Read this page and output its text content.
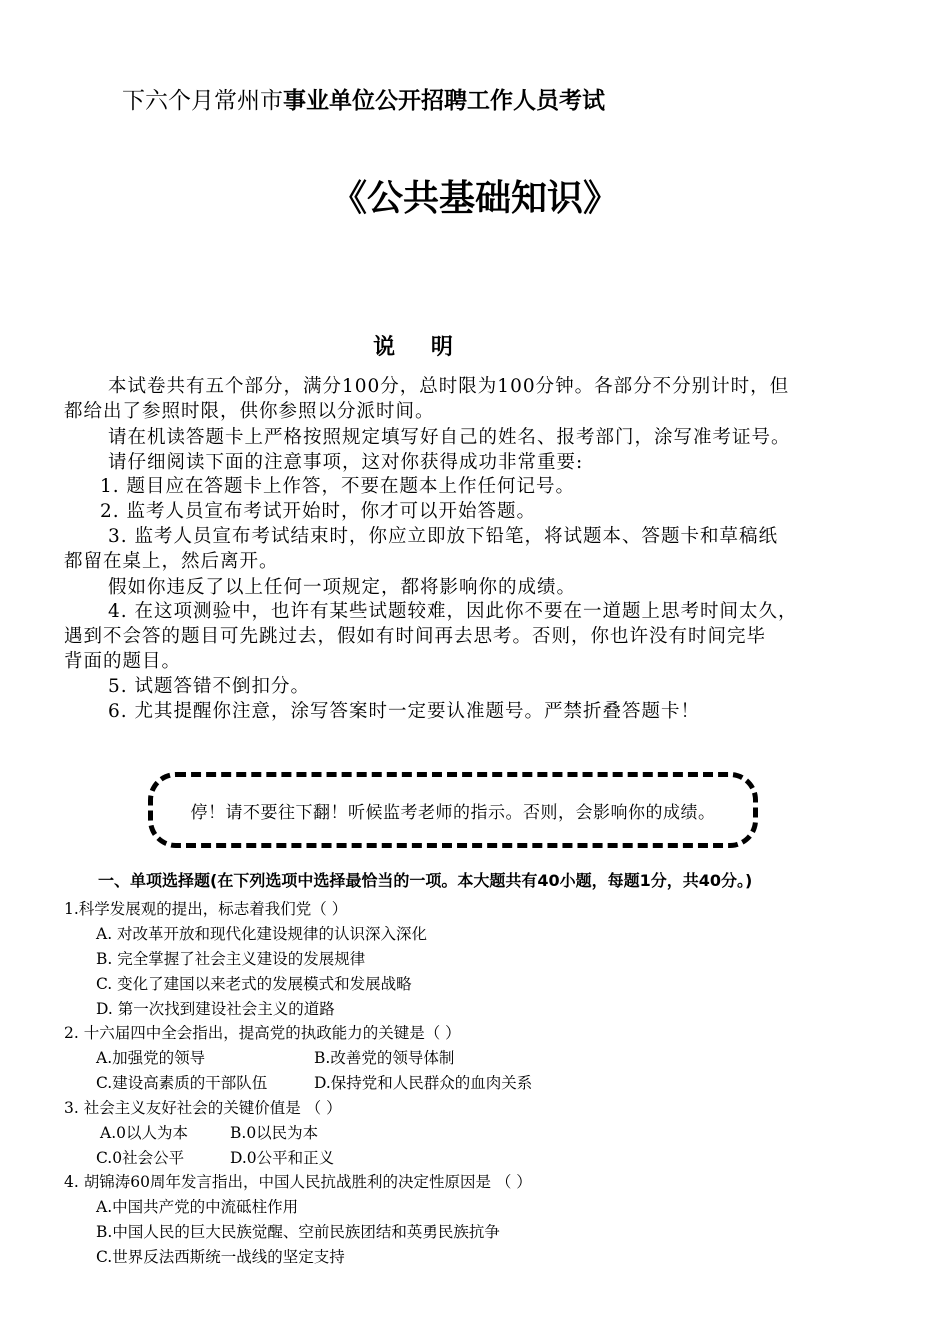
下六个月常州市事业单位公开招聘工作人员考试
《公共基础知识》
说 明
本试卷共有五个部分，满分100分，总时限为100分钟。各部分不分别计时，但
都给出了参照时限，供你参照以分派时间。
请在机读答题卡上严格按照规定填写好自己的姓名、报考部门，涂写准考证号。
请仔细阅读下面的注意事项，这对你获得成功非常重要:
1. 题目应在答题卡上作答，不要在题本上作任何记号。
2. 监考人员宣布考试开始时，你才可以开始答题。
3. 监考人员宣布考试结束时，你应立即放下铅笔，将试题本、答题卡和草稿纸
都留在桌上，然后离开。
假如你违反了以上任何一项规定，都将影响你的成绩。
4. 在这项测验中，也许有某些试题较难，因此你不要在一道题上思考时间太久，
遇到不会答的题目可先跳过去，假如有时间再去思考。否则，你也许没有时间完毕
背面的题目。
5. 试题答错不倒扣分。
6. 尤其提醒你注意，涂写答案时一定要认准题号。严禁折叠答题卡！
停！请不要往下翻！听候监考老师的指示。否则，会影响你的成绩。
一、单项选择题(在下列选项中选择最恰当的一项。本大题共有40小题，每题1分，共40分。)
1.科学发展观的提出，标志着我们党（ ）
A. 对改革开放和现代化建设规律的认识深入深化
B. 完全掌握了社会主义建设的发展规律
C. 变化了建国以来老式的发展模式和发展战略
D. 第一次找到建设社会主义的道路
2. 十六届四中全会指出，提高党的执政能力的关键是（ ）
A.加强党的领导	B.改善党的领导体制
C.建设高素质的干部队伍	D.保持党和人民群众的血肉关系
3. 社会主义友好社会的关键价值是 （ ）
A.0以人为本	B.0以民为本
C.0社会公平	D.0公平和正义
4. 胡锦涛60周年发言指出，中国人民抗战胜利的决定性原因是 （ ）
A.中国共产党的中流砥柱作用
B.中国人民的巨大民族觉醒、空前民族团结和英勇民族抗争
C.世界反法西斯统一战线的坚定支持
